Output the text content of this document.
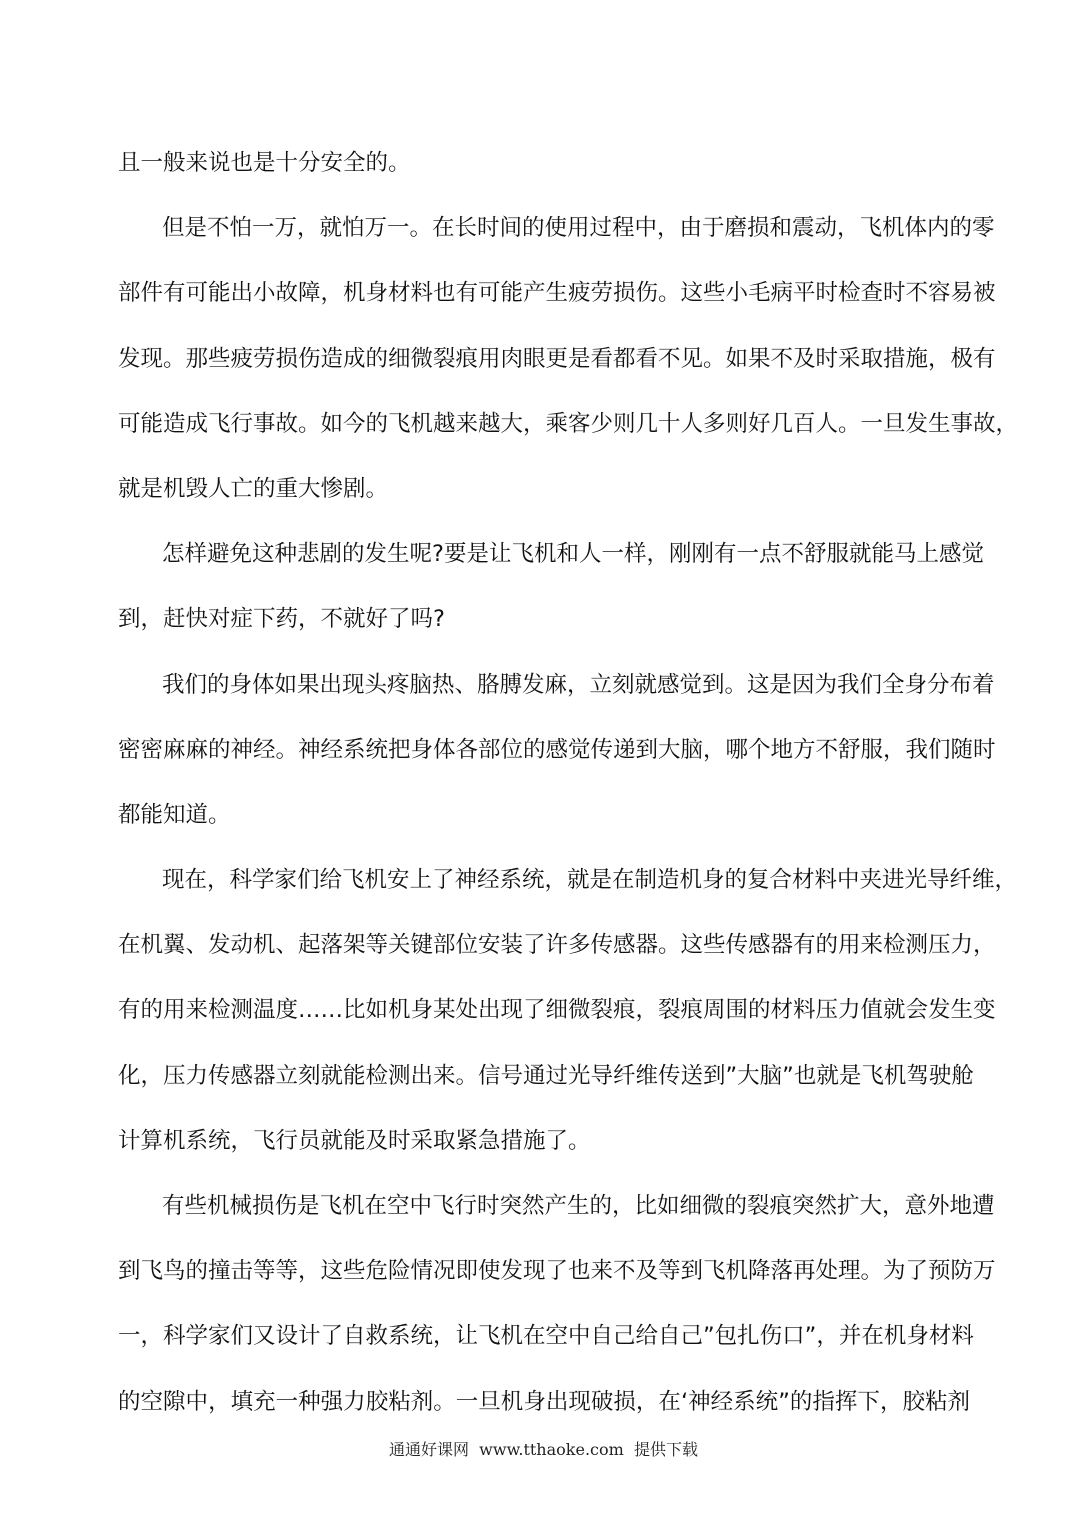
且一般来说也是十分安全的。
但是不怕一万，就怕万一。在长时间的使用过程中，由于磨损和震动，飞机体内的零
部件有可能出小故障，机身材料也有可能产生疲劳损伤。这些小毛病平时检查时不容易被
发现。那些疲劳损伤造成的细微裂痕用肉眼更是看都看不见。如果不及时采取措施，极有
可能造成飞行事故。如今的飞机越来越大，乘客少则几十人多则好几百人。一旦发生事故，
就是机毁人亡的重大惨剧。
怎样避免这种悲剧的发生呢?要是让飞机和人一样，刚刚有一点不舒服就能马上感觉
到，赶快对症下药，不就好了吗?
我们的身体如果出现头疼脑热、胳膊发麻，立刻就感觉到。这是因为我们全身分布着
密密麻麻的神经。神经系统把身体各部位的感觉传递到大脑，哪个地方不舒服，我们随时
都能知道。
现在，科学家们给飞机安上了神经系统，就是在制造机身的复合材料中夹进光导纤维，
在机翼、发动机、起落架等关键部位安装了许多传感器。这些传感器有的用来检测压力，
有的用来检测温度……比如机身某处出现了细微裂痕，裂痕周围的材料压力值就会发生变
化，压力传感器立刻就能检测出来。信号通过光导纤维传送到”大脑”也就是飞机驾驶舱
计算机系统，飞行员就能及时采取紧急措施了。
有些机械损伤是飞机在空中飞行时突然产生的，比如细微的裂痕突然扩大，意外地遭
到飞鸟的撞击等等，这些危险情况即使发现了也来不及等到飞机降落再处理。为了预防万
一，科学家们又设计了自救系统，让飞机在空中自己给自己”包扎伤口”，并在机身材料
的空隙中，填充一种强力胶粘剂。一旦机身出现破损，在‘神经系统”的指挥下，胶粘剂
通通好课网  www.tthaoke.com  提供下载
